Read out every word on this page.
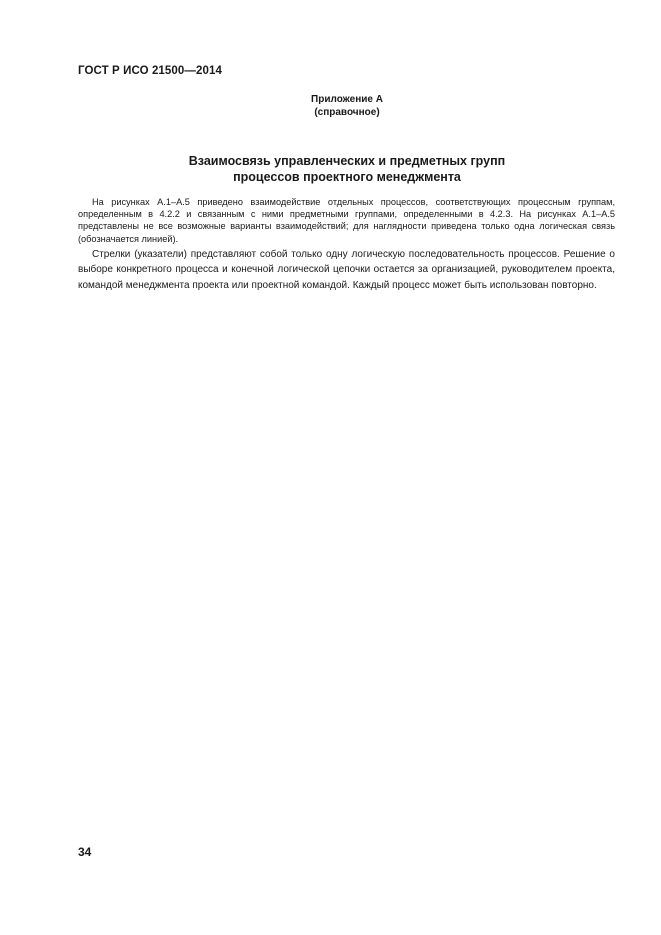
ГОСТ Р ИСО 21500—2014
Приложение А
(справочное)
Взаимосвязь управленческих и предметных групп
процессов проектного менеджмента

На рисунках А.1–А.5 приведено взаимодействие отдельных процессов, соответствующих процессным группам, определенным в 4.2.2 и связанным с ними предметными группами, определенными в 4.2.3. На рисунках А.1–А.5 представлены не все возможные варианты взаимодействий; для наглядности приведена только одна логическая связь (обозначается линией).

Стрелки (указатели) представляют собой только одну логическую последовательность процессов. Решение о выборе конкретного процесса и конечной логической цепочки остается за организацией, руководителем проекта, командой менеджмента проекта или проектной командой. Каждый процесс может быть использован повторно.

34
